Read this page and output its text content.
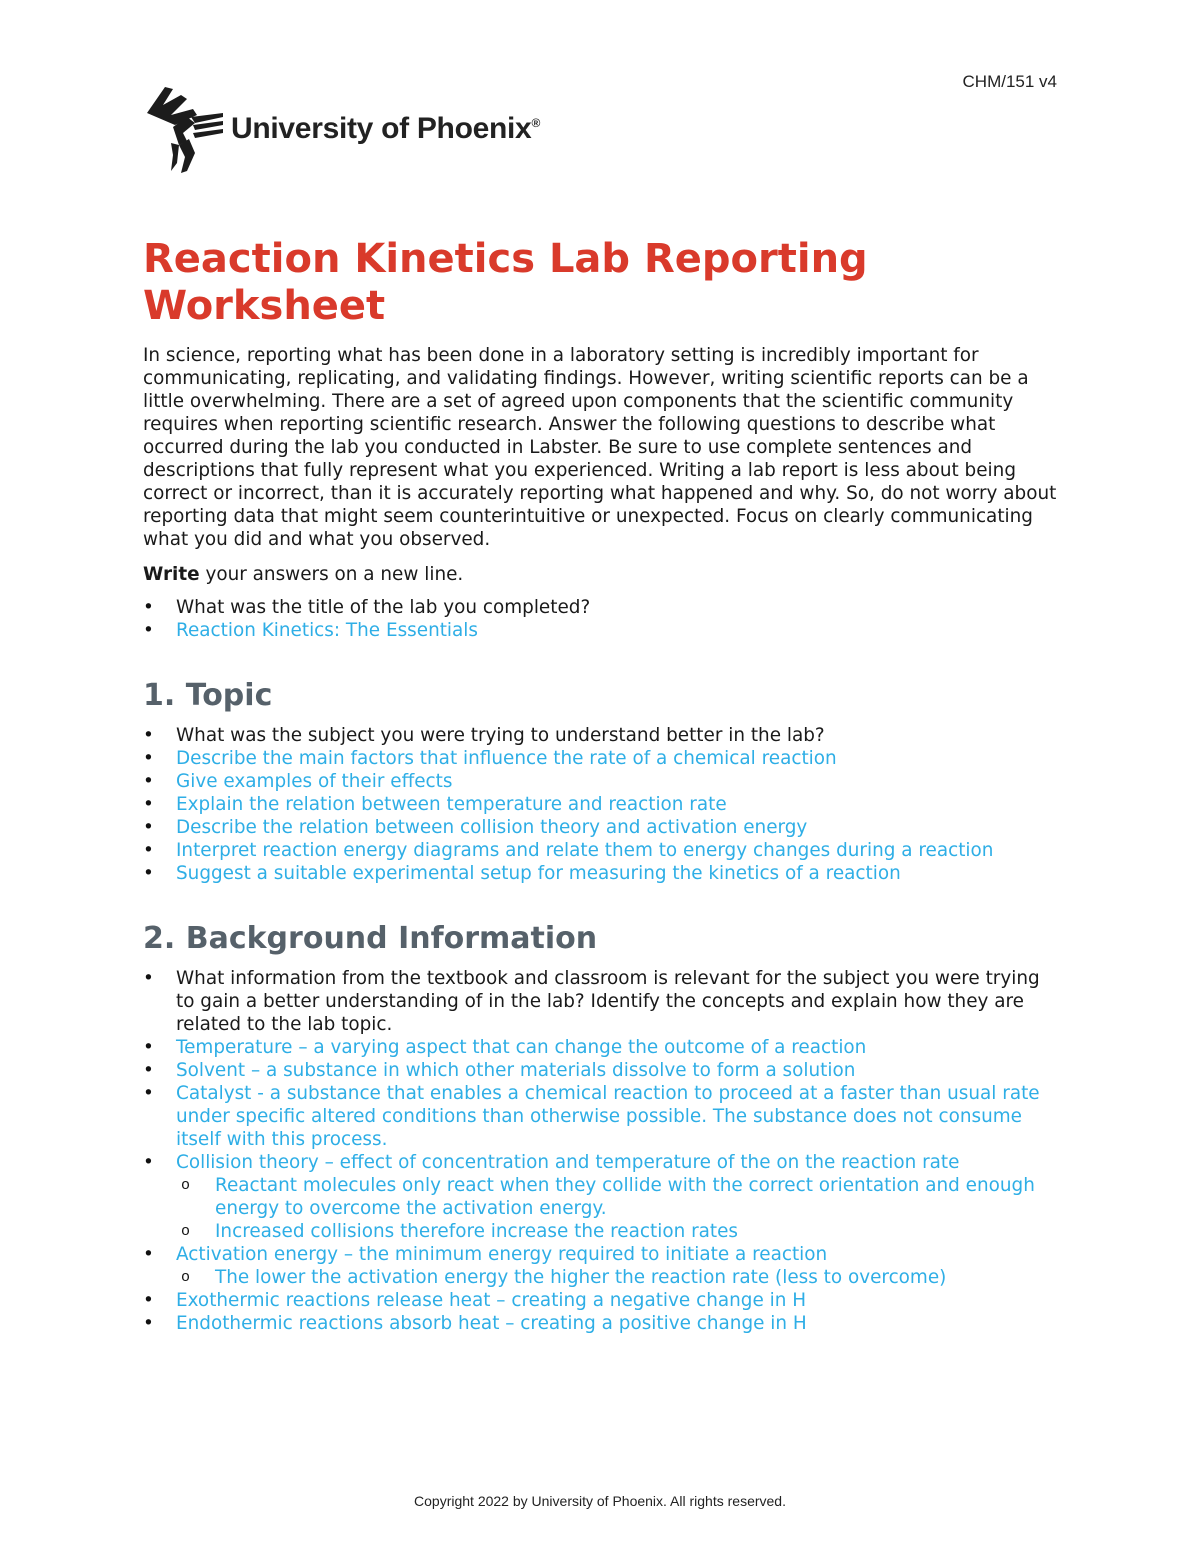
CHM/151 v4
University of Phoenix®
Reaction Kinetics Lab Reporting Worksheet

In science, reporting what has been done in a laboratory setting is incredibly important for communicating, replicating, and validating findings. However, writing scientific reports can be a little overwhelming. There are a set of agreed upon components that the scientific community requires when reporting scientific research. Answer the following questions to describe what occurred during the lab you conducted in Labster. Be sure to use complete sentences and descriptions that fully represent what you experienced. Writing a lab report is less about being correct or incorrect, than it is accurately reporting what happened and why. So, do not worry about reporting data that might seem counterintuitive or unexpected. Focus on clearly communicating what you did and what you observed.

Write your answers on a new line.

• What was the title of the lab you completed?
• Reaction Kinetics: The Essentials
1. Topic
• What was the subject you were trying to understand better in the lab?
• Describe the main factors that influence the rate of a chemical reaction
• Give examples of their effects
• Explain the relation between temperature and reaction rate
• Describe the relation between collision theory and activation energy
• Interpret reaction energy diagrams and relate them to energy changes during a reaction
• Suggest a suitable experimental setup for measuring the kinetics of a reaction
2. Background Information
• What information from the textbook and classroom is relevant for the subject you were trying to gain a better understanding of in the lab? Identify the concepts and explain how they are related to the lab topic.
• Temperature – a varying aspect that can change the outcome of a reaction
• Solvent – a substance in which other materials dissolve to form a solution
• Catalyst - a substance that enables a chemical reaction to proceed at a faster than usual rate under specific altered conditions than otherwise possible. The substance does not consume itself with this process.
• Collision theory – effect of concentration and temperature of the on the reaction rate
o Reactant molecules only react when they collide with the correct orientation and enough energy to overcome the activation energy.
o Increased collisions therefore increase the reaction rates
• Activation energy – the minimum energy required to initiate a reaction
o The lower the activation energy the higher the reaction rate (less to overcome)
• Exothermic reactions release heat – creating a negative change in H
• Endothermic reactions absorb heat – creating a positive change in H
Copyright 2022 by University of Phoenix. All rights reserved.
